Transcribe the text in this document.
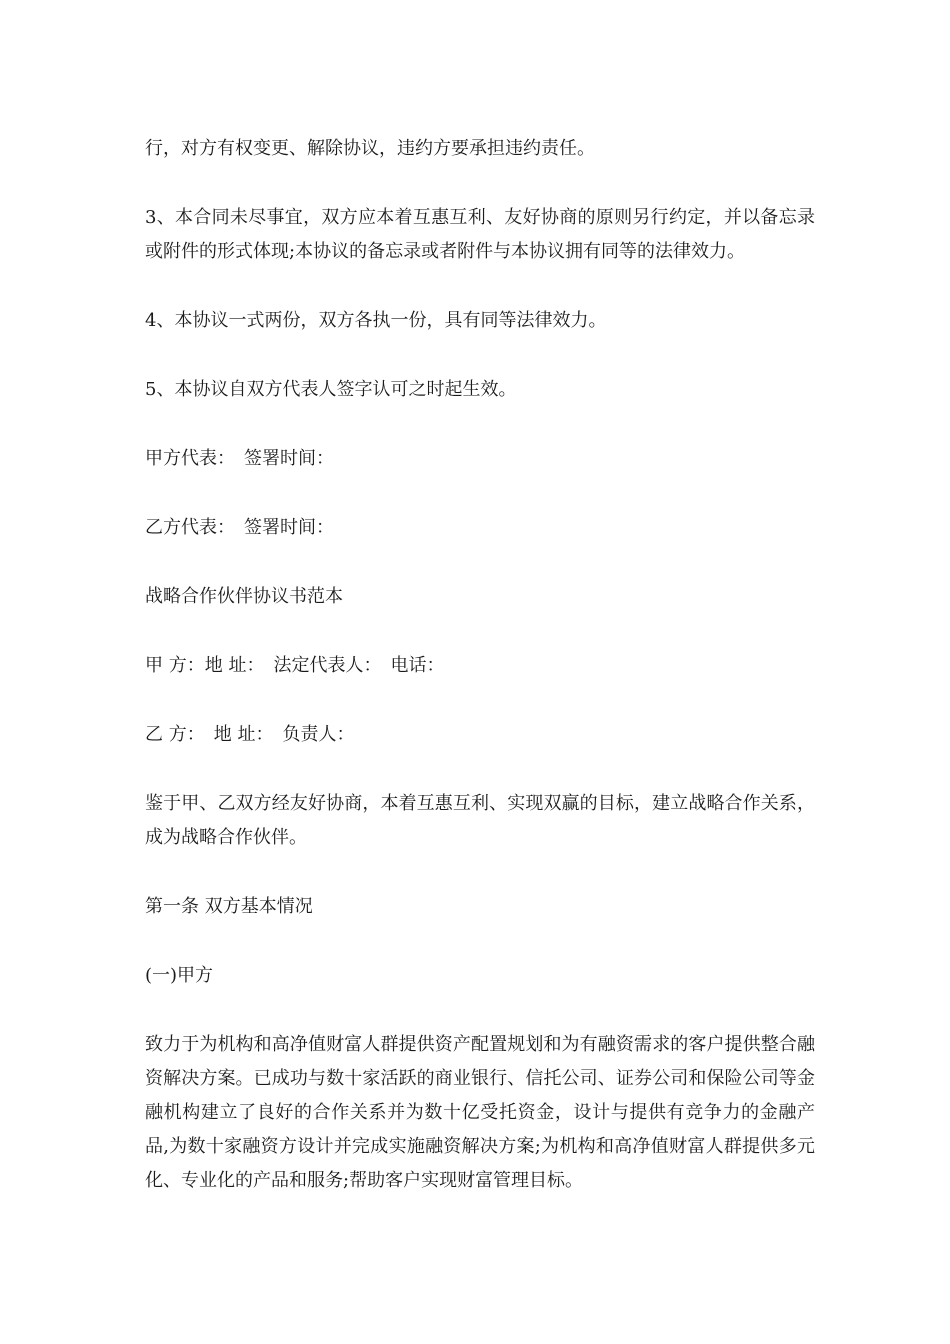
行，对方有权变更、解除协议，违约方要承担违约责任。

3、本合同未尽事宜，双方应本着互惠互利、友好协商的原则另行约定，并以备忘录或附件的形式体现;本协议的备忘录或者附件与本协议拥有同等的法律效力。

4、本协议一式两份，双方各执一份，具有同等法律效力。

5、本协议自双方代表人签字认可之时起生效。

甲方代表：　签署时间：

乙方代表：　签署时间：

战略合作伙伴协议书范本

甲 方：地 址：　法定代表人：　电话：

乙 方：　地 址：　负责人：

鉴于甲、乙双方经友好协商，本着互惠互利、实现双赢的目标，建立战略合作关系，成为战略合作伙伴。

第一条 双方基本情况

(一)甲方

致力于为机构和高净值财富人群提供资产配置规划和为有融资需求的客户提供整合融资解决方案。已成功与数十家活跃的商业银行、信托公司、证券公司和保险公司等金融机构建立了良好的合作关系并为数十亿受托资金，设计与提供有竞争力的金融产品,为数十家融资方设计并完成实施融资解决方案;为机构和高净值财富人群提供多元化、专业化的产品和服务;帮助客户实现财富管理目标。
